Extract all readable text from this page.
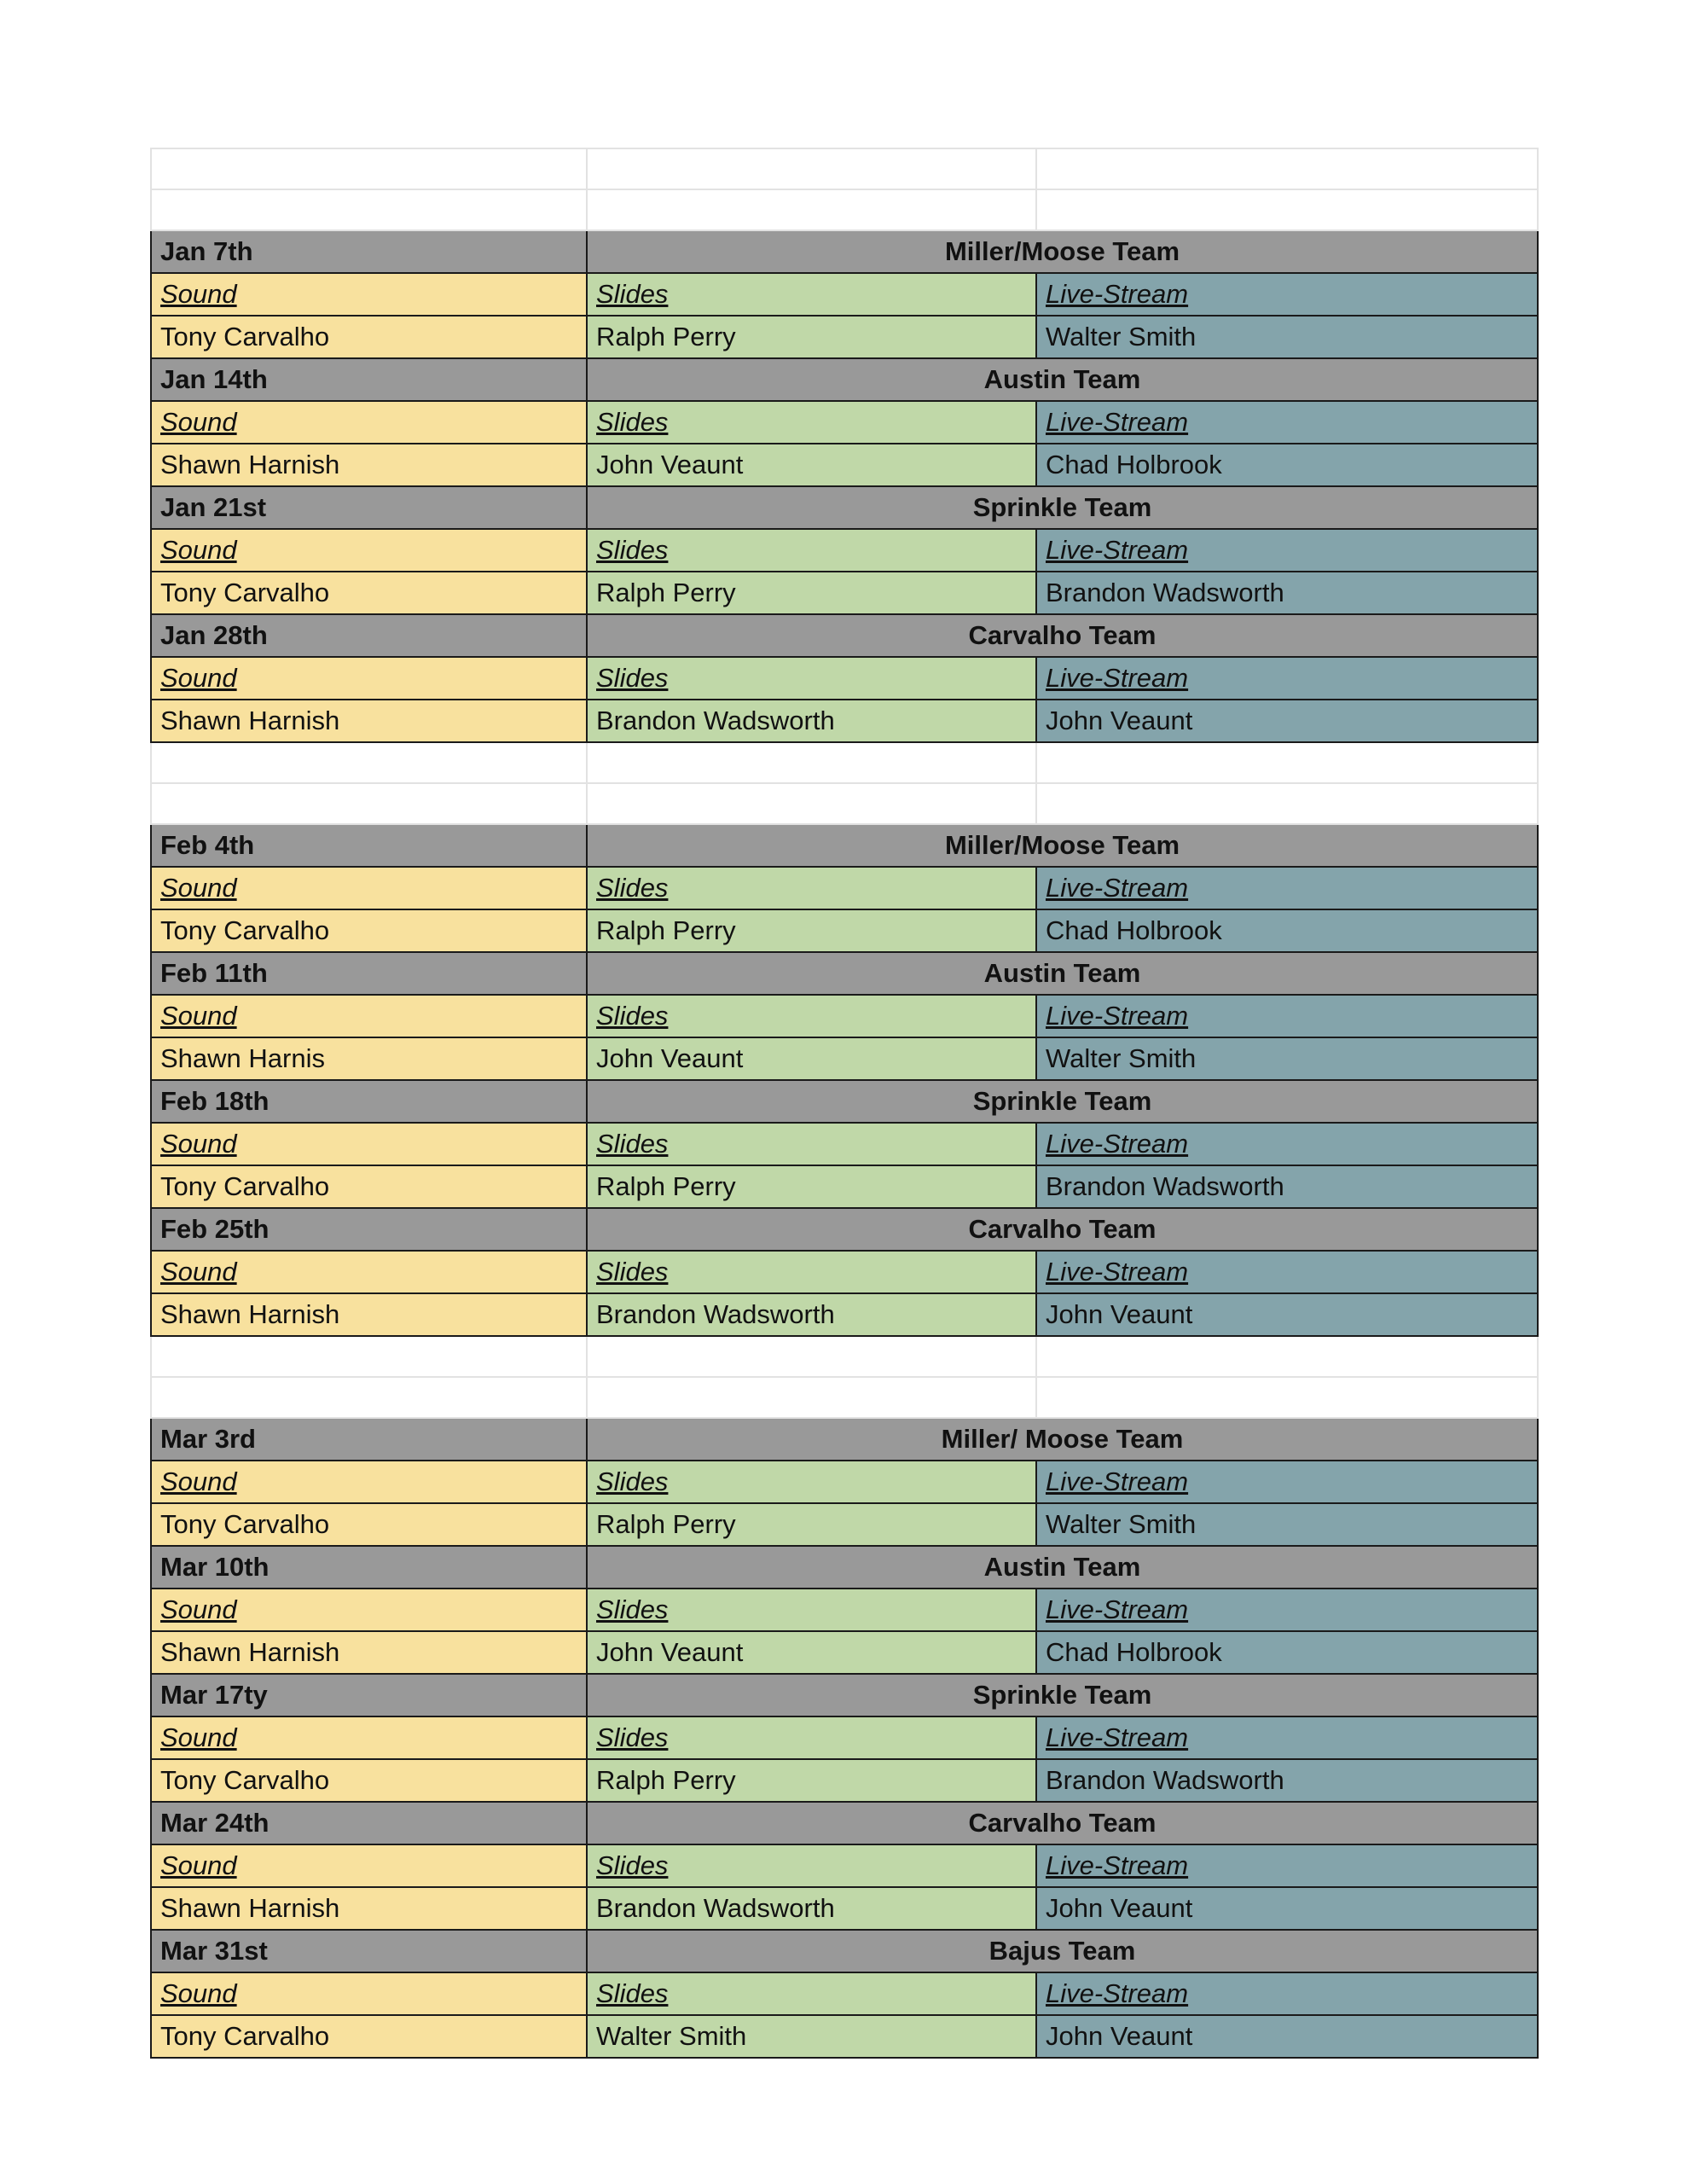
Jan 7th	Miller/Moose Team	
Sound	Slides	Live-Stream
Tony Carvalho	Ralph Perry	Walter Smith
Jan 14th	Austin Team	
Sound	Slides	Live-Stream
Shawn Harnish	John Veaunt	Chad Holbrook
Jan 21st	Sprinkle Team	
Sound	Slides	Live-Stream
Tony Carvalho	Ralph Perry	Brandon Wadsworth
Jan 28th	Carvalho Team	
Sound	Slides	Live-Stream
Shawn Harnish	Brandon Wadsworth	John Veaunt

Feb 4th	Miller/Moose Team	
Sound	Slides	Live-Stream
Tony Carvalho	Ralph Perry	Chad Holbrook
Feb 11th	Austin Team	
Sound	Slides	Live-Stream
Shawn Harnis	John Veaunt	Walter Smith
Feb 18th	Sprinkle Team	
Sound	Slides	Live-Stream
Tony Carvalho	Ralph Perry	Brandon Wadsworth
Feb 25th	Carvalho Team	
Sound	Slides	Live-Stream
Shawn Harnish	Brandon Wadsworth	John Veaunt

Mar 3rd	Miller/ Moose Team	
Sound	Slides	Live-Stream
Tony Carvalho	Ralph Perry	Walter Smith
Mar 10th	Austin Team	
Sound	Slides	Live-Stream
Shawn Harnish	John Veaunt	Chad Holbrook
Mar 17ty	Sprinkle Team	
Sound	Slides	Live-Stream
Tony Carvalho	Ralph Perry	Brandon Wadsworth
Mar 24th	Carvalho Team	
Sound	Slides	Live-Stream
Shawn Harnish	Brandon Wadsworth	John Veaunt
Mar 31st	Bajus Team	
Sound	Slides	Live-Stream
Tony Carvalho	Walter Smith	John Veaunt
